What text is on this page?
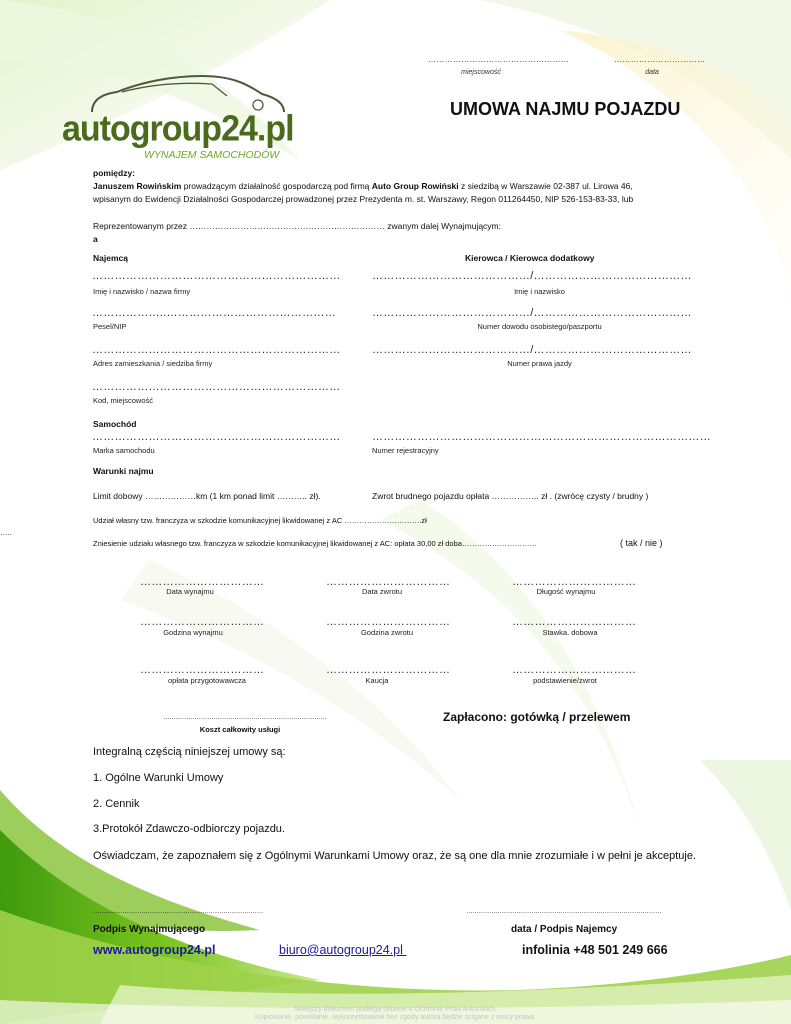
……………………………………………
miejscowość
……………………………
data
autogroup24.pl
WYNAJEM SAMOCHODÓW
UMOWA NAJMU POJAZDU
pomiędzy:
Januszem Rowińskim prowadzącym działalność gospodarczą pod firmą Auto Group Rowiński z siedzibą w Warszawie 02-387 ul. Lirowa 46,
wpisanym do Ewidencji Działalności Gospodarczej prowadzonej przez Prezydenta m. st. Warszawy, Regon 011264450, NIP 526-153-83-33, lub
Reprezentowanym przez …………………………………………………………… zwanym dalej Wynajmującym:
a
Najemcą	Kierowca / Kierowca dodatkowy
…………………………………………………………
Imię i nazwisko / nazwa firmy
……………………………………/……………………………………
Imię i nazwisko
………………..………………………………………
Pesel/NIP
……………………………………/……………………………………
Numer dowodu osobistego/paszportu
…………………………………………………………
Adres zamieszkania / siedziba firmy
……………………………………/……………………………………
Numer prawa jazdy
…………………………………………………………
Kod, miejscowość
Samochód
…………………………………………………………
Marka samochodu
………………………………………………………………………………
Numer rejestracyjny
Warunki najmu
Limit dobowy ………………km (1 km ponad limit ……….. zł).	Zwrot brudnego pojazdu opłata …………….. zł . (zwrócę czysty / brudny )
Udział własny tzw. franczyza w szkodzie komunikacyjnej likwidowanej z AC ………………………….zł
…..
Zniesienie udziału własnego tzw. franczyza w szkodzie komunikacyjnej likwidowanej z AC: opłata 30,00 zł doba…………………………	( tak / nie )
……………………………
Data wynajmu
……………………………
Data zwrotu
……………………………
Długość wynajmu
……………………………
Godzina wynajmu
……………………………
Godzina zwrotu
……………………………
Stawka. dobowa
……………………………
opłata przygotowawcza
……………………………
Kaucja
……………………………
podstawienie/zwrot
……………………………………………………………………
Koszt całkowity usługi
Zapłacono: gotówką / przelewem
Integralną częścią niniejszej umowy są:
1. Ogólne Warunki Umowy
2. Cennik
3.Protokół Zdawczo-odbiorczy pojazdu.
Oświadczam, że zapoznałem się z Ogólnymi Warunkami Umowy oraz, że są one dla mnie zrozumiałe i w pełni je akceptuje.
………………………………………………………………………	…………………………………………………………………………………
Podpis Wynajmującego	data / Podpis Najemcy
www.autogroup24.pl	biuro@autogroup24.pl	infolinia +48 501 249 666
Niniejszy dokument podlega ustawie o Ochronie Praw Autorskich.
Kopiowanie, powielanie, wykorzystywanie bez zgody autora będzie ścigane z mocy prawa.
